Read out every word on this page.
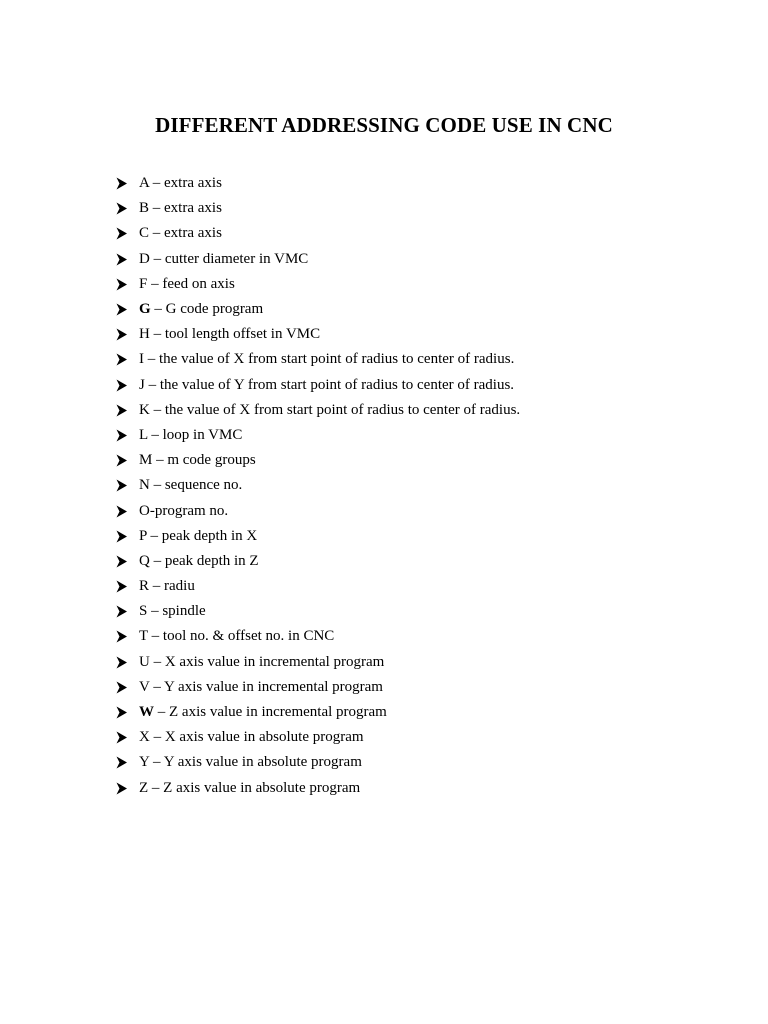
DIFFERENT ADDRESSING CODE USE IN CNC
A – extra axis
B – extra axis
C – extra axis
D – cutter diameter in VMC
F – feed on axis
G – G code program
H – tool length offset in VMC
I – the value of X from start point of radius to center of radius.
J – the value of Y from start point of radius to center of radius.
K – the value of X from start point of radius to center of radius.
L – loop in VMC
M – m code groups
N – sequence no.
O-program no.
P – peak depth in X
Q – peak depth in Z
R – radiu
S – spindle
T – tool no. & offset no. in CNC
U – X axis value in incremental program
V – Y axis value in incremental program
W – Z axis value in incremental program
X – X axis value in absolute program
Y – Y axis value in absolute program
Z – Z axis value in absolute program
